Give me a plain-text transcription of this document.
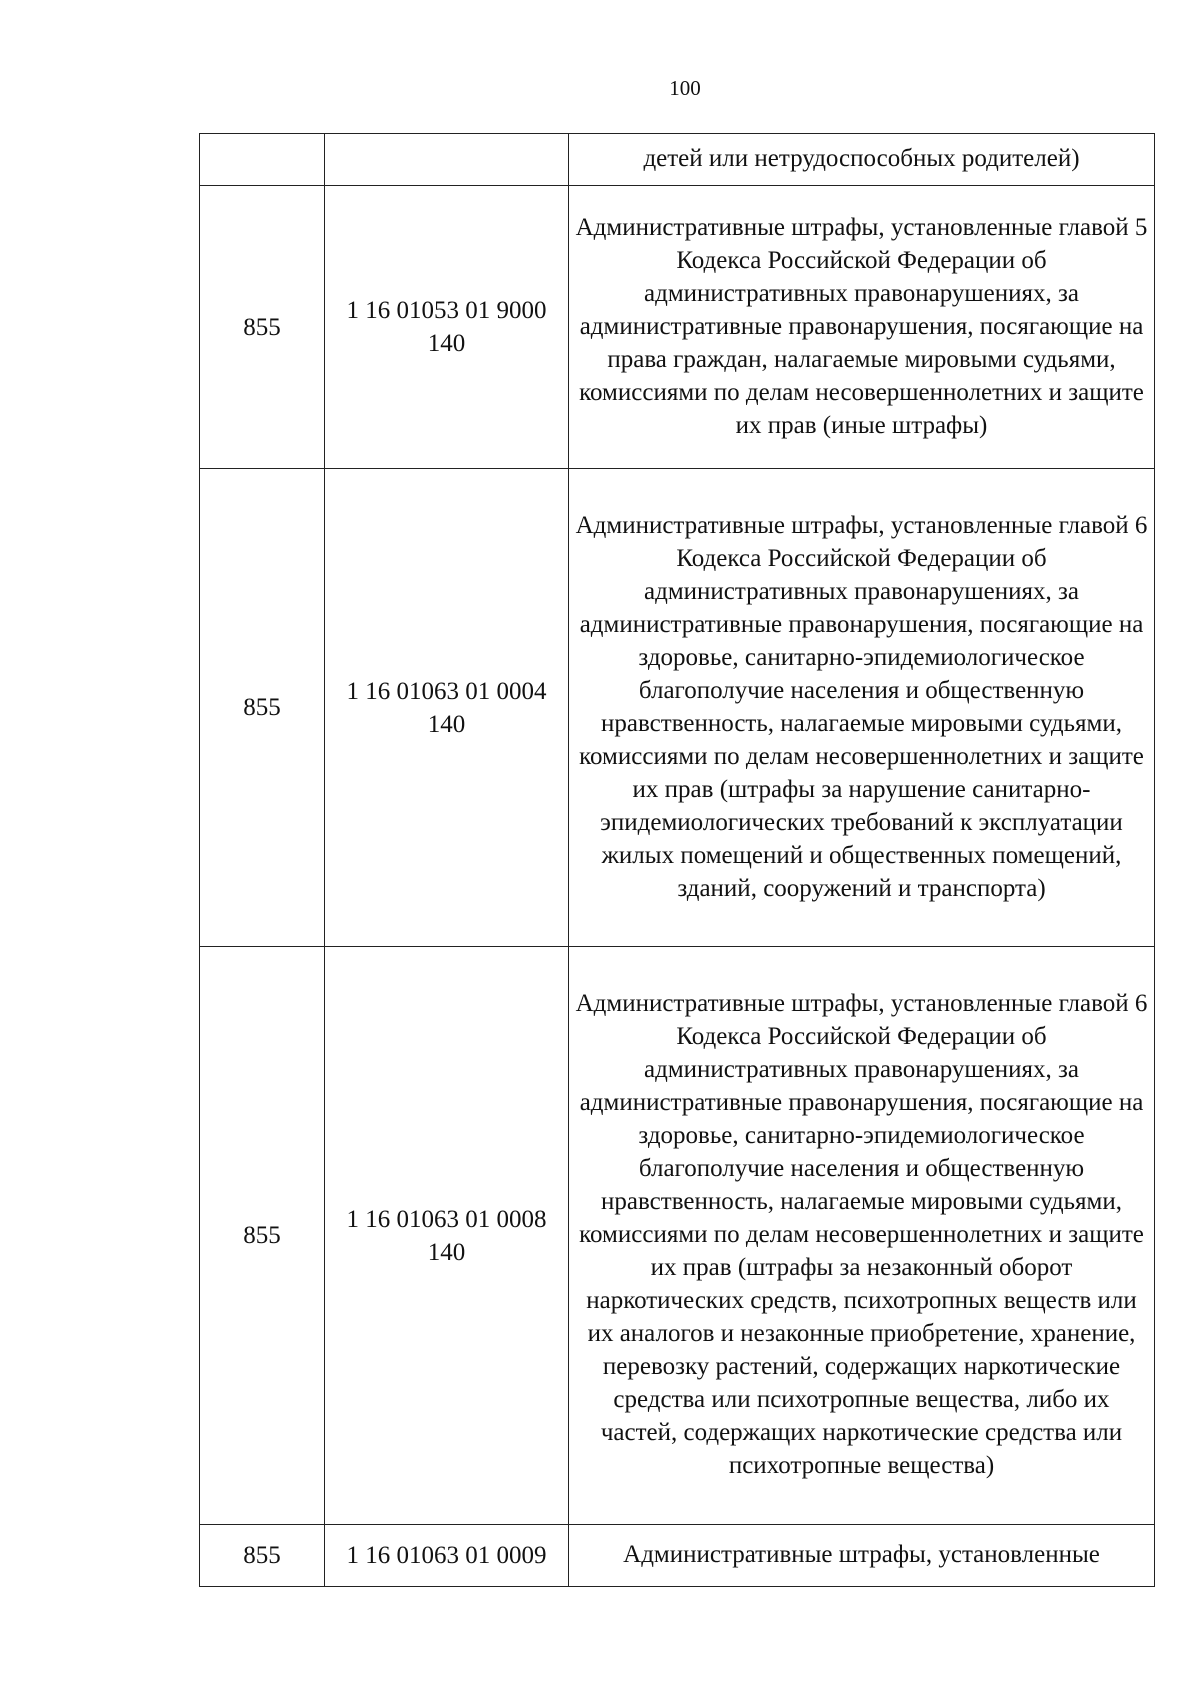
100
		детей или нетрудоспособных родителей)
855	1 16 01053 01 9000 140	Административные штрафы, установленные главой 5 Кодекса Российской Федерации об административных правонарушениях, за административные правонарушения, посягающие на права граждан, налагаемые мировыми судьями, комиссиями по делам несовершеннолетних и защите их прав (иные штрафы)
855	1 16 01063 01 0004 140	Административные штрафы, установленные главой 6 Кодекса Российской Федерации об административных правонарушениях, за административные правонарушения, посягающие на здоровье, санитарно-эпидемиологическое благополучие населения и общественную нравственность, налагаемые мировыми судьями, комиссиями по делам несовершеннолетних и защите их прав (штрафы за нарушение санитарно-эпидемиологических требований к эксплуатации жилых помещений и общественных помещений, зданий, сооружений и транспорта)
855	1 16 01063 01 0008 140	Административные штрафы, установленные главой 6 Кодекса Российской Федерации об административных правонарушениях, за административные правонарушения, посягающие на здоровье, санитарно-эпидемиологическое благополучие населения и общественную нравственность, налагаемые мировыми судьями, комиссиями по делам несовершеннолетних и защите их прав (штрафы за незаконный оборот наркотических средств, психотропных веществ или их аналогов и незаконные приобретение, хранение, перевозку растений, содержащих наркотические средства или психотропные вещества, либо их частей, содержащих наркотические средства или психотропные вещества)
855	1 16 01063 01 0009	Административные штрафы, установленные
